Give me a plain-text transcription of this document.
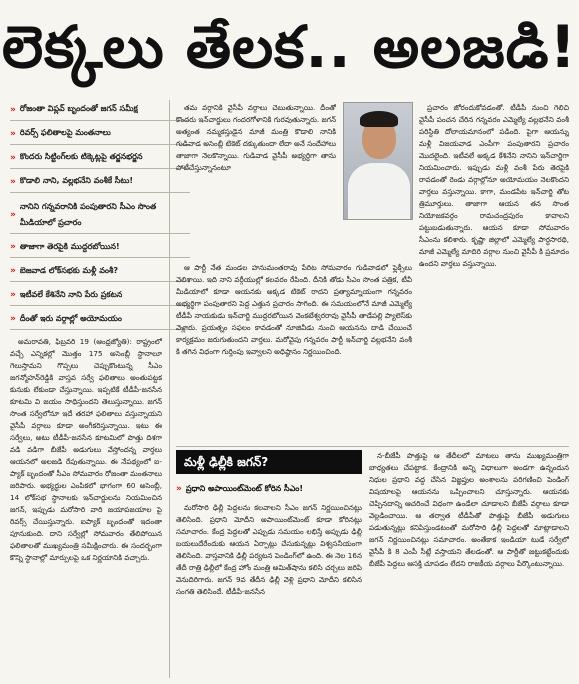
లెక్కలు తేలక.. అలజడి!
» రోజంతా విప్లవ్ బృందంతో జగన్ సమీక్ష
» రివర్స్ ఫలితాలపై మంతనాలు
» కొందరు సిట్టింగ్‌లకు టిక్కెట్లపై తర్జనభర్జన
» కొడాలి నాని, వల్లభనేని వంశీకే సీటు!
»
నానిని గన్నవరానికి పంపుతారని సీఎం సొంత మీడియాలో ప్రచారం
» తాజాగా తెరపైకి ముద్దరబోయిన!
» బెజవాడ లోక్‌సభకు మళ్లీ వంశీ?
» ఇటీవలే కేశినేని నాని పేరు ప్రకటన
» దీంతో ఇరు వర్గాల్లో అయోమయం

అమరావతి, ఫిబ్రవరి 19 (ఆంధ్రజ్యోతి): రాష్ట్రంలో వచ్చే ఎన్నికల్లో మొత్తం 175 అసెంబ్లీ స్థానాలూ గెలుస్తామని గొప్పలు చెప్పుకొంటున్న సీఎం జగన్మోహన్‌రెడ్డికి వాస్తవ సర్వే ఫలితాలు అంతుపట్టక కునుకు లేకుండా చేస్తున్నాయి. ఇప్పటికే టీడీపీ-జనసేన కూటమి వి జయం సాధిస్తుందని తెలుస్తున్నాయి. జగన్ సొంత సర్వేలోనూ ఇదే తరహా ఫలితాలు వస్తున్నాయని వైసీపీ వర్గాలు కూడా అంగీకరిస్తున్నాయి. ఇటు ఈ సర్వేలు, అటు టీడీపీ-జనసేన కూటమిలో పొత్తు దిశగా వడి వడిగా బీజేపీ అడుగులు వేస్తోందన్న వార్తలు ఆయనలో అలజడి రేపుతున్నాయి. ఈ నేపథ్యంలో ఐ-ప్యాక్ బృందంతో సీఎం సోమవారం రోజంతా మంతనాలు జరిపారు. అభ్యర్థుల ఎంపికలో భాగంగా 60 అసెంబ్లీ, 14 లోక్‌సభ స్థానాలకు ఇన్‌చార్జులను నియమించిన జగన్, ఇప్పుడు మరోసారి వారి జయాపజయాల పై రివర్స్ చేయిస్తున్నారు. ఐప్యాక్ బృందంతో ఇదంతా పూనుకుంది. దాని సర్వేల్లో సోమవారం తేలిపోయిన ఫలితాలతో ముఖ్యమంత్రి సమీక్షించారు. ఈ సందర్భంగా కొన్ని స్థానాల్లో మార్పులపై ఒక నిర్ణయానికి వచ్చారు.

తమ వర్గానికి వైసీపీ వర్గాలు చెబుతున్నాయి. దీంతో కొందరు ఇన్‌చార్జులు గందరగోళానికి గురవుతున్నారు. జగన్ అత్యంత నమ్మకస్తుడైన మాజీ మంత్రి కొడాలి నానికి గుడివాడ అసెంబ్లీ టికెట్ దక్కుతుందా లేదా అనే సందేహాలు తాజాగా నెలకొన్నాయి. గుడివాడ వైసీపీ అభ్యర్థిగా తాను పోటీచేస్తున్నానంటూ

ఆ పార్టీ నేత మండల హనుమంతరావు పేరిట సోమవారం గుడివాడలో ఫ్లెక్సీలు వెలిశాయి. ఇది నాని వర్గీయుల్లో కలవరం రేపింది. దీనికి తోడు సీఎం సొంత పత్రిక, టీవీ మీడియాలో కూడా ఆయనకు అక్కడ టికెట్ రాదని ప్రత్యామ్నాయంగా గన్నవరం అభ్యర్థిగా పంపుతారని పెద్ద ఎత్తున ప్రచారం సాగింది. ఈ సమయంలోనే మాజీ ఎమ్మెల్యే టీడీపీ నాయకుడు ఇన్‌చార్జి ముద్దరబోయిన వెంకటేశ్వరరావు వైసీపీ తాడేపల్లి ప్యాలెస్‌కు వెళ్లారు. ప్రయత్నం సఫలం కావడంతో నూజివీడు నుంచి ఆయనను దాడి చేయించే కార్యక్రమం జరుగుతుందని వార్తలు. మరోవైపు గన్నవరం పార్టీ ఇన్‌చార్జి వల్లభనేని వంశీ కి తగిన విధంగా గుర్తింపు ఇవ్వాలని అధిష్ఠానం నిర్ణయించింది.

ప్రచారం జోరందుకోవడంతో. టీడీపీ నుంచి గెలిచి వైసీపీ పంచన చేరిన గన్నవరం ఎమ్మెల్యే వల్లభనేని వంశీ పరిస్థితి దోలాయమానంలో పడింది. పైగా ఆయన్ను మళ్లీ విజయవాడ ఎంపీగా పంపుతారని ప్రచారం మొదలైంది. ఇటీవలే అక్కడ కేశినేని నానిని ఇన్‌చార్జిగా నియమించారు. ఇప్పుడు మళ్లీ వంశీ పేరు తెరపైకి రావడంతో రెండు వర్గాల్లోనూ అయోమయం నెలకొందని వార్తలు వస్తున్నాయి. కాగా, మండపేట ఇన్‌చార్జి తోట త్రిమూర్తులు. తాజాగా ఆయన తన సొంత నియోజకవర్గం రామచంద్రపురం కావాలని పట్టుబడుతున్నారు. ఆయన కూడా సోమవారం సీఎంను కలిశారు. కృష్ణా జిల్లాలో ఎమ్మెల్యే పార్థసారథి, మాజీ ఎమ్మెల్యే మాదిరి వర్గాల నుంచి వైసీపీ కి ప్రమాదం ఉందని వార్తలు వస్తున్నాయి.

మళ్లీ ఢిల్లీకి జగన్?
» ప్రధాని అపాయింట్‌మెంట్ కోరిన సీఎం!

మరోసారి ఢిల్లీ పెద్దలను కలవాలని సీఎం జగన్ నిర్ణయించినట్లు తెలిసింది. ప్రధాని మోదీని అపాయింట్‌మెంట్ కూడా కోరినట్లు సమాచారం. కేంద్ర పెద్దలతో ఎప్పుడు సమయం లభిస్తే అప్పుడు ఢిల్లీ బయలుదేరేందుకు ఆయన ఏర్పాట్లు చేసుకున్నట్లు విశ్వసనీయంగా తెలిసింది. వాస్తవానికి ఢిల్లీ పర్యటన పెండింగ్‌లో ఉంది. ఈ నెల 16న తేదీ రాత్రి ఢిల్లీలో కేంద్ర హోం మంత్రి అమిత్‌షాను కలిసి చర్చలు జరిపి వెనుదిరిగారు. జగన్ 9వ తేదీన ఢిల్లీ వెళ్లి ప్రధాని మోదీని కలిసిన సంగతి తెలిసిందే. టీడీపీ-జనసేన

న-బీజేపీ పొత్తుపై ఆ తేదీలలో మాటలు తాను ముఖ్యమంత్రిగా బాధ్యతలు చేపట్టాక. కేంద్రానికి అన్ని విధాలుగా అండగా ఉన్నందున నిధుల ప్రధాని వద్ద చేసిన విజ్ఞప్తుల అంశాలను పరిగణించి పెండింగ్ విషయాలపై ఆయనను ఒప్పించాలని చూస్తున్నారు. ఆయనకు చెప్పినదాన్ని ఆచరించే విధంగా ఉండేలా చూడాలని బీజేపీ వర్గాలు కూడా వెల్లడించాయి. ఆ తర్వాత టీడీపీతో పొత్తుపై బీజేపీ అడుగులు పడుతున్నట్లు కనిపిస్తుండటంతో మరోసారి ఢిల్లీ పెద్దలతో మాట్లాడాలని జగన్ నిర్ణయించినట్లు సమాచారం. అంతేకాక ఇండియా టుడే సర్వేలో వైసీపీ కి 8 ఎంపీ సీట్లే వస్తాయని తేలడంతో. ఆ పార్టీతో జట్టుకట్టేందుకు బీజేపీ పెద్దలు ఆసక్తి చూపడం లేదని రాజకీయ వర్గాలు పేర్కొంటున్నాయి.
